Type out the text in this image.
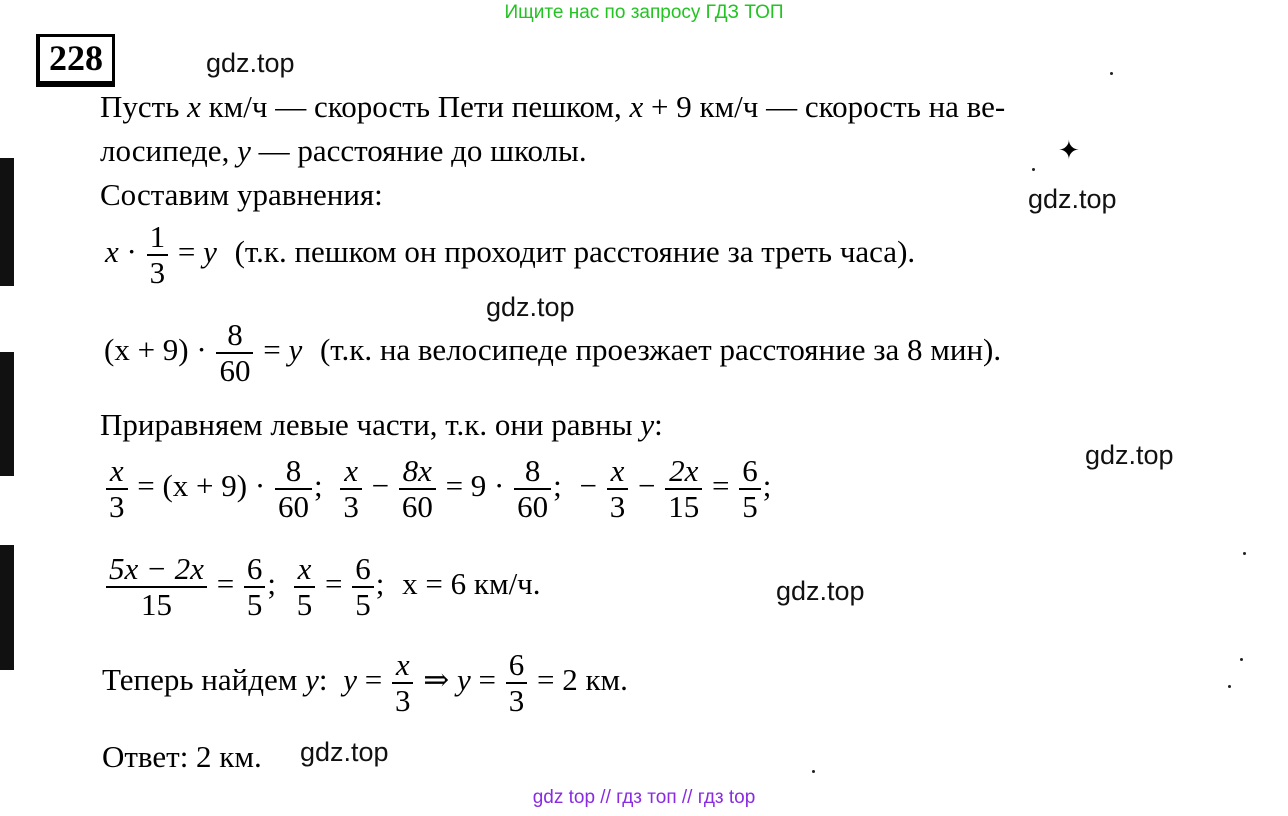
Ищите нас по запросу ГДЗ ТОП
gdz top // гдз топ // гдз top
✦
228	gdz.top
gdz.top
gdz.top
gdz.top
gdz.top
gdz.top
Пусть x км/ч — скорость Пети пешком, x + 9 км/ч — скорость на ве-
лосипеде, y — расстояние до школы.
Составим уравнения:
$x \cdot \frac{1}{3} = y$ (т.к. пешком он проходит расстояние за треть часа).
$(x + 9) \cdot \frac{8}{60} = y$ (т.к. на велосипеде проезжает расстояние за 8 мин).
Приравняем левые части, т.к. они равны y:
$\frac{x}{3} = (x + 9) \cdot \frac{8}{60}$ ; $\frac{x}{3} - \frac{8x}{60} = 9 \cdot \frac{8}{60}$ ; − $\frac{x}{3} - \frac{2x}{15} = \frac{6}{5}$ ;
$\frac{5x - 2x}{15} = \frac{6}{5}$ ; $\frac{x}{5} = \frac{6}{5}$ ; x = 6 км/ч.
Теперь найдем y: $y = \frac{x}{3}$ ⇒ $y = \frac{6}{3} = 2$ км.
Ответ: 2 км.
